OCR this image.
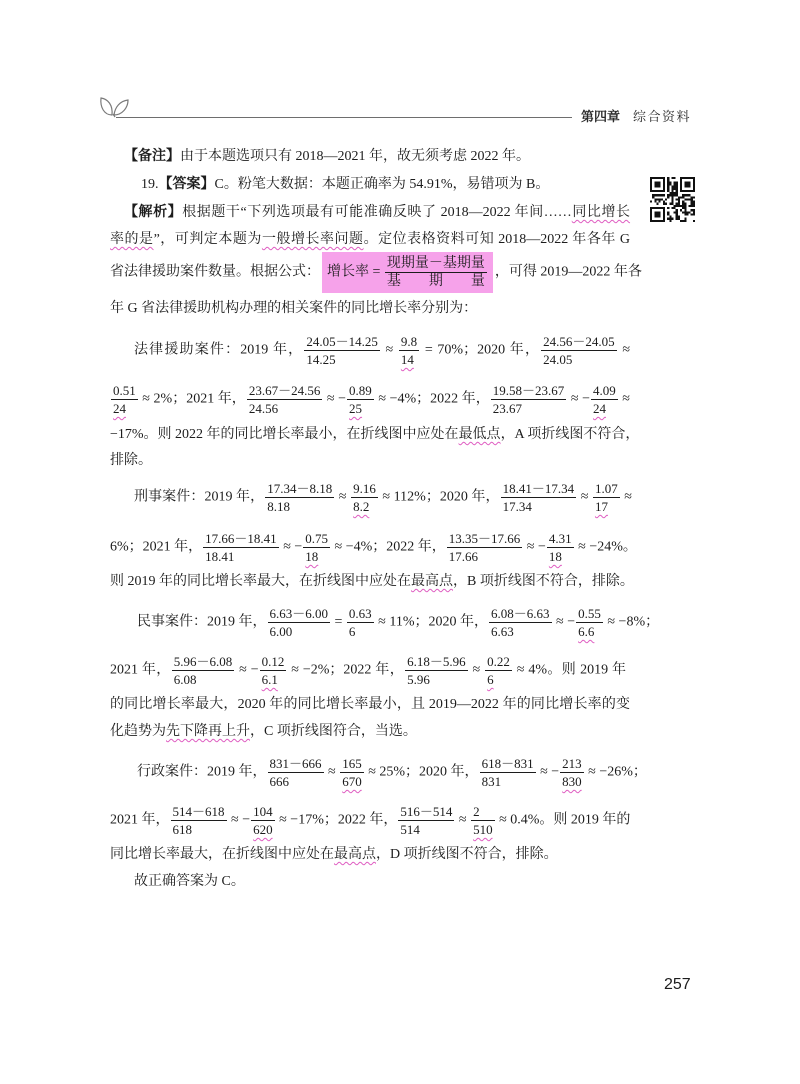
第四章 综合资料
【备注】由于本题选项只有 2018—2021 年，故无须考虑 2022 年。
19.【答案】C。粉笔大数据：本题正确率为 54.91%，易错项为 B。
【解析】根据题干“下列选项最有可能准确反映了 2018—2022 年间……同比增长
率的是”，可判定本题为一般增长率问题。定位表格资料可知 2018—2022 年各年 G
省法律援助案件数量。根据公式： 增长率 = $\frac{\text{现期量－基期量}}{\text{基期量}}$ ，可得 2019—2022 年各
年 G 省法律援助机构办理的相关案件的同比增长率分别为：
法律援助案件：2019 年， $\frac{24.05-14.25}{14.25} \approx \frac{9.8}{14} = 70\%$；2020 年， $\frac{24.56-24.05}{24.05}$ ≈
$\frac{0.51}{24} \approx 2\%$；2021 年， $\frac{23.67-24.56}{24.56}$ ≈ − $\frac{0.89}{25} \approx -4\%$；2022 年， $\frac{19.58-23.67}{23.67}$ ≈ − $\frac{4.09}{24}$ ≈
−17%。则 2022 年的同比增长率最小，在折线图中应处在最低点，A 项折线图不符合，
排除。
刑事案件：2019 年， $\frac{17.34-8.18}{8.18} \approx \frac{9.16}{8.2} \approx 112\%$；2020 年， $\frac{18.41-17.34}{17.34} \approx \frac{1.07}{17}$ ≈
6%；2021 年， $\frac{17.66-18.41}{18.41}$ ≈ − $\frac{0.75}{18} \approx -4\%$；2022 年， $\frac{13.35-17.66}{17.66}$ ≈ − $\frac{4.31}{18} \approx -24\%$。
则 2019 年的同比增长率最大，在折线图中应处在最高点，B 项折线图不符合，排除。
民事案件：2019 年， $\frac{6.63-6.00}{6.00} = \frac{0.63}{6} \approx 11\%$；2020 年， $\frac{6.08-6.63}{6.63}$ ≈ − $\frac{0.55}{6.6} \approx -8\%$；
2021 年， $\frac{5.96-6.08}{6.08}$ ≈ − $\frac{0.12}{6.1} \approx -2\%$；2022 年， $\frac{6.18-5.96}{5.96} \approx \frac{0.22}{6} \approx 4\%$。则 2019 年
的同比增长率最大，2020 年的同比增长率最小，且 2019—2022 年的同比增长率的变
化趋势为先下降再上升，C 项折线图符合，当选。
行政案件：2019 年， $\frac{831-666}{666} \approx \frac{165}{670} \approx 25\%$；2020 年， $\frac{618-831}{831}$ ≈ − $\frac{213}{830} \approx -26\%$；
2021 年， $\frac{514-618}{618}$ ≈ − $\frac{104}{620} \approx -17\%$；2022 年， $\frac{516-514}{514} \approx \frac{2}{510} \approx 0.4\%$。则 2019 年的
同比增长率最大，在折线图中应处在最高点，D 项折线图不符合，排除。
故正确答案为 C。
257
